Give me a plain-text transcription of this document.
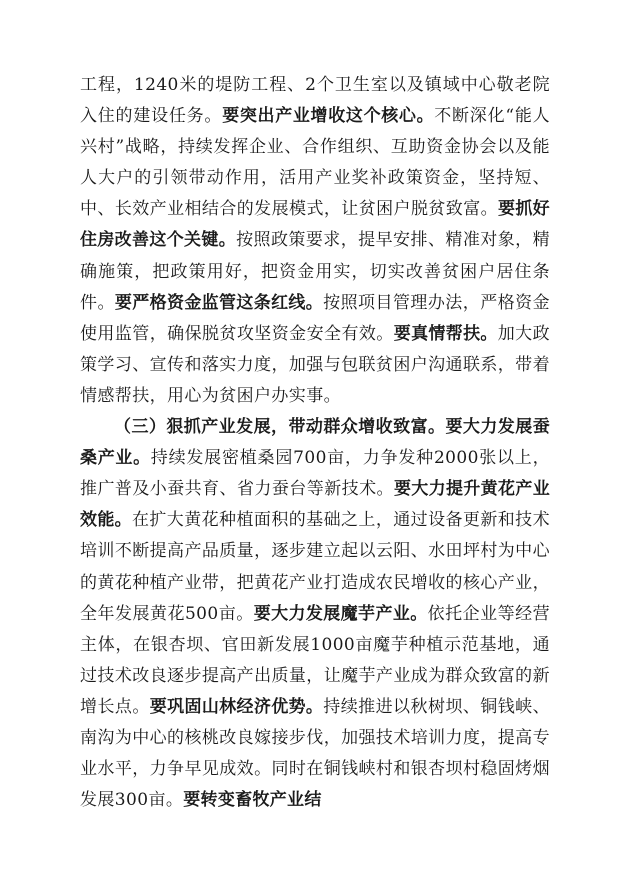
工程，1240米的堤防工程、2个卫生室以及镇域中心敬老院入住的建设任务。要突出产业增收这个核心。不断深化“能人兴村”战略，持续发挥企业、合作组织、互助资金协会以及能人大户的引领带动作用，活用产业奖补政策资金，坚持短、中、长效产业相结合的发展模式，让贫困户脱贫致富。要抓好住房改善这个关键。按照政策要求，提早安排、精准对象，精确施策，把政策用好，把资金用实，切实改善贫困户居住条件。要严格资金监管这条红线。按照项目管理办法，严格资金使用监管，确保脱贫攻坚资金安全有效。要真情帮扶。加大政策学习、宣传和落实力度，加强与包联贫困户沟通联系，带着情感帮扶，用心为贫困户办实事。

（三）狠抓产业发展，带动群众增收致富。要大力发展蚕桑产业。持续发展密植桑园700亩，力争发种2000张以上，推广普及小蚕共育、省力蚕台等新技术。要大力提升黄花产业效能。在扩大黄花种植面积的基础之上，通过设备更新和技术培训不断提高产品质量，逐步建立起以云阳、水田坪村为中心的黄花种植产业带，把黄花产业打造成农民增收的核心产业，全年发展黄花500亩。要大力发展魔芋产业。依托企业等经营主体，在银杏坝、官田新发展1000亩魔芋种植示范基地，通过技术改良逐步提高产出质量，让魔芋产业成为群众致富的新增长点。要巩固山林经济优势。持续推进以秋树坝、铜钱峡、南沟为中心的核桃改良嫁接步伐，加强技术培训力度，提高专业水平，力争早见成效。同时在铜钱峡村和银杏坝村稳固烤烟发展300亩。要转变畜牧产业结
